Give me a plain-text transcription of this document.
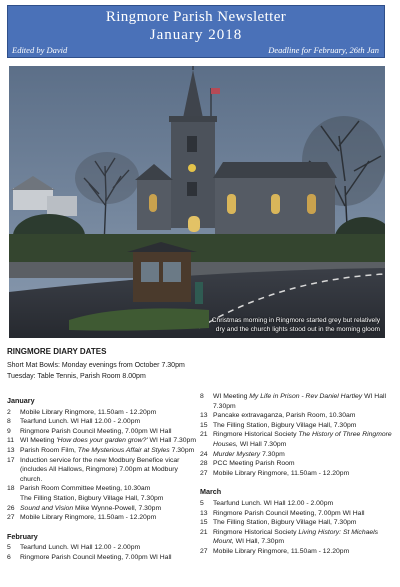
Ringmore Parish Newsletter
January 2018
Edited by David	Deadline for February, 26th Jan
Christmas morning in Ringmore started grey but relatively
dry and the church lights stood out in the morning gloom
RINGMORE DIARY DATES
Short Mat Bowls: Monday evenings from October 7.30pm
Tuesday: Table Tennis, Parish Room 8.00pm
January
2 Mobile Library Ringmore, 11.50am - 12.20pm
8 Tearfund Lunch. WI Hall 12.00 - 2.00pm
9 Ringmore Parish Council Meeting, 7.00pm WI Hall
11 WI Meeting 'How does your garden grow?' WI Hall 7.30pm
13 Parish Room Film, The Mysterious Affair at Styles 7.30pm
17 Induction service for the new Modbury Benefice vicar (includes All Hallows, Ringmore) 7.00pm at Modbury church.
18 Parish Room Committee Meeting, 10.30am
The Filling Station, Bigbury Village Hall, 7.30pm
26 Sound and Vision Mike Wynne-Powell, 7.30pm
27 Mobile Library Ringmore, 11.50am - 12.20pm
February
5 Tearfund Lunch. WI Hall 12.00 - 2.00pm
6 Ringmore Parish Council Meeting, 7.00pm WI Hall
8 WI Meeting My Life in Prison - Rev Daniel Hartley WI Hall 7.30pm
13 Pancake extravaganza, Parish Room, 10.30am
15 The Filling Station, Bigbury Village Hall, 7.30pm
21 Ringmore Historical Society The History of Three Ringmore Houses, WI Hall 7.30pm
24 Murder Mystery 7.30pm
28 PCC Meeting Parish Room
27 Mobile Library Ringmore, 11.50am - 12.20pm
March
5 Tearfund Lunch. WI Hall 12.00 - 2.00pm
13 Ringmore Parish Council Meeting, 7.00pm WI Hall
15 The Filling Station, Bigbury Village Hall, 7.30pm
21 Ringmore Historical Society Living History: St Michaels Mount, WI Hall, 7.30pm
27 Mobile Library Ringmore, 11.50am - 12.20pm
